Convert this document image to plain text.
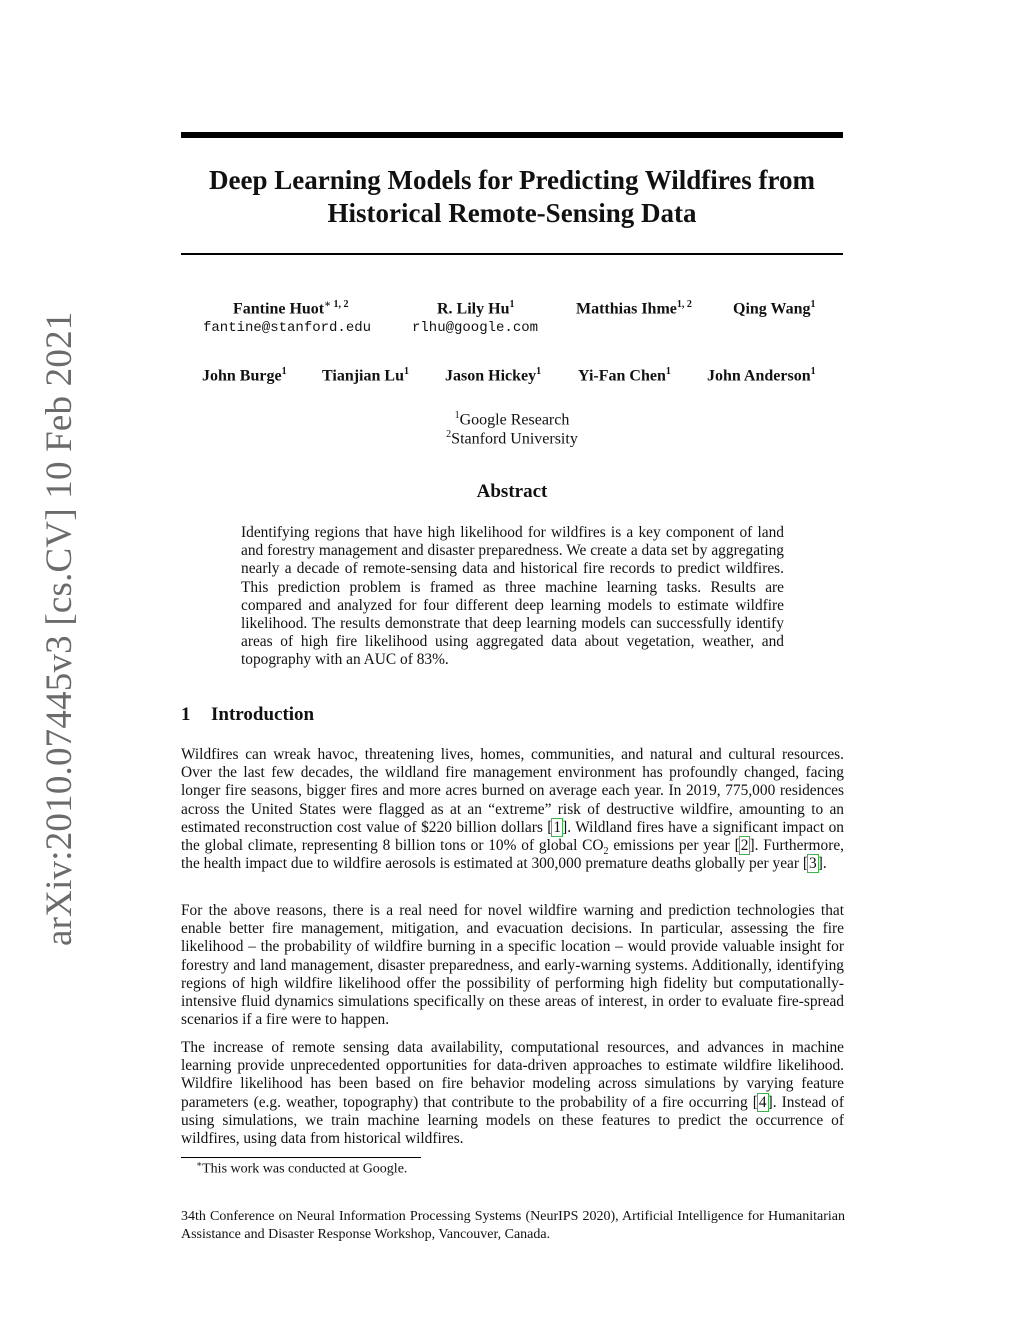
arXiv:2010.07445v3 [cs.CV] 10 Feb 2021
Deep Learning Models for Predicting Wildfires from
Historical Remote-Sensing Data
Fantine Huot$^{∗ 1, 2}$
fantine@stanford.edu
R. Lily Hu$^1$
rlhu@google.com
Matthias Ihme$^{1, 2}$	Qing Wang$^1$
John Burge$^1$ Tianjian Lu$^1$ Jason Hickey$^1$ Yi-Fan Chen$^1$ John Anderson$^1$
$^1$Google Research
$^2$Stanford University
Abstract
Identifying regions that have high likelihood for wildfires is a key component of land and forestry management and disaster preparedness. We create a data set by aggregating nearly a decade of remote-sensing data and historical fire records to predict wildfires. This prediction problem is framed as three machine learning tasks. Results are compared and analyzed for four different deep learning models to estimate wildfire likelihood. The results demonstrate that deep learning models can successfully identify areas of high fire likelihood using aggregated data about vegetation, weather, and topography with an AUC of 83%.
1 Introduction
Wildfires can wreak havoc, threatening lives, homes, communities, and natural and cultural resources. Over the last few decades, the wildland fire management environment has profoundly changed, facing longer fire seasons, bigger fires and more acres burned on average each year. In 2019, 775,000 residences across the United States were flagged as at an “extreme” risk of destructive wildfire, amounting to an estimated reconstruction cost value of $220 billion dollars [1]. Wildland fires have a significant impact on the global climate, representing 8 billion tons or 10% of global $CO_2$ emissions per year [2]. Furthermore, the health impact due to wildfire aerosols is estimated at 300,000 premature deaths globally per year [3].
For the above reasons, there is a real need for novel wildfire warning and prediction technologies that enable better fire management, mitigation, and evacuation decisions. In particular, assessing the fire likelihood – the probability of wildfire burning in a specific location – would provide valuable insight for forestry and land management, disaster preparedness, and early-warning systems. Additionally, identifying regions of high wildfire likelihood offer the possibility of performing high fidelity but computationally-intensive fluid dynamics simulations specifically on these areas of interest, in order to evaluate fire-spread scenarios if a fire were to happen.
The increase of remote sensing data availability, computational resources, and advances in machine learning provide unprecedented opportunities for data-driven approaches to estimate wildfire likelihood. Wildfire likelihood has been based on fire behavior modeling across simulations by varying feature parameters (e.g. weather, topography) that contribute to the probability of a fire occurring [4]. Instead of using simulations, we train machine learning models on these features to predict the occurrence of wildfires, using data from historical wildfires.
∗This work was conducted at Google.
34th Conference on Neural Information Processing Systems (NeurIPS 2020), Artificial Intelligence for Humanitarian Assistance and Disaster Response Workshop, Vancouver, Canada.
